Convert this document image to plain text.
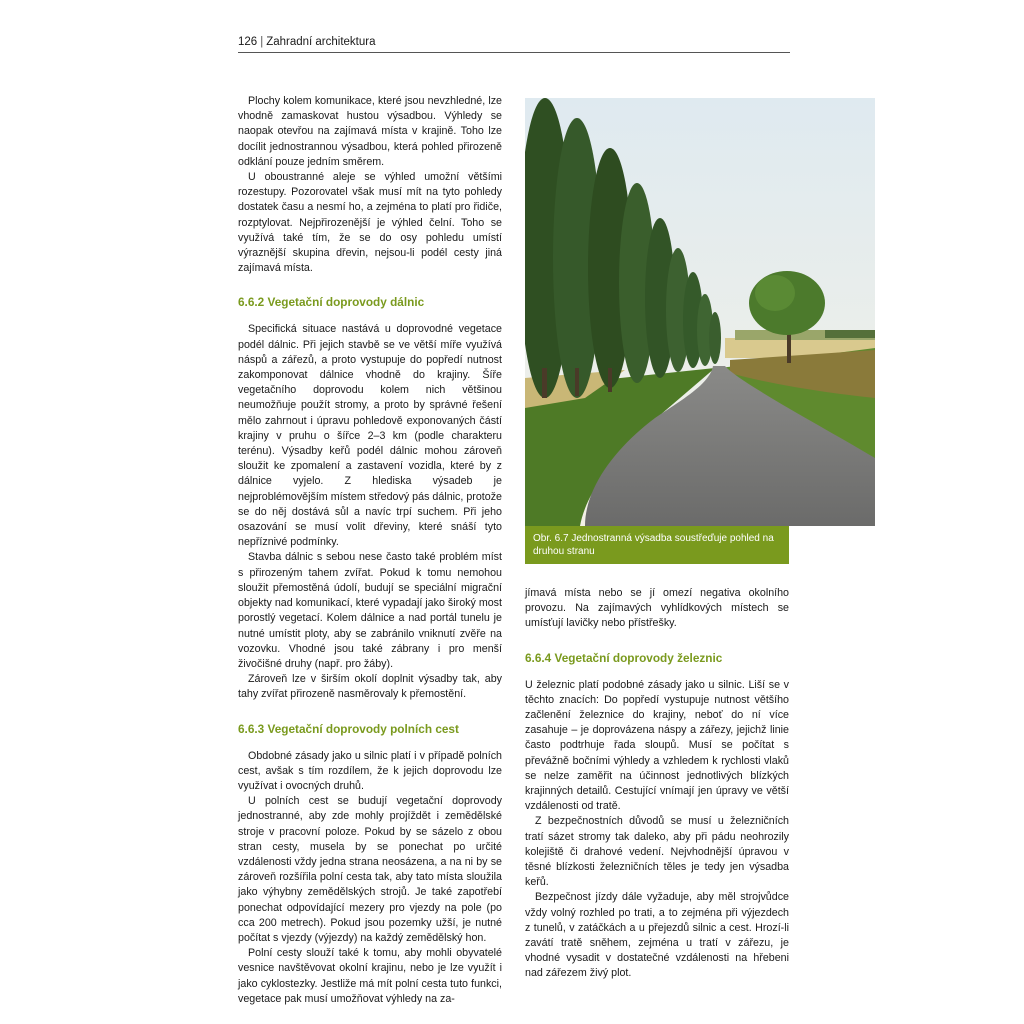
126 | Zahradní architektura

Plochy kolem komunikace, které jsou nevzhledné, lze vhodně zamaskovat hustou výsadbou. Výhledy se naopak otevřou na zajímavá místa v krajině. Toho lze docílit jednostrannou výsadbou, která pohled přirozeně odklání pouze jedním směrem.

U oboustranné aleje se výhled umožní většími rozestupy. Pozorovatel však musí mít na tyto pohledy dostatek času a nesmí ho, a zejména to platí pro řidiče, rozptylovat. Nejpřirozenější je výhled čelní. Toho se využívá také tím, že se do osy pohledu umístí výraznější skupina dřevin, nejsou-li podél cesty jiná zajímavá místa.

6.6.2 Vegetační doprovody dálnic

Specifická situace nastává u doprovodné vegetace podél dálnic. Při jejich stavbě se ve větší míře využívá náspů a zářezů, a proto vystupuje do popředí nutnost zakomponovat dálnice vhodně do krajiny. Šíře vegetačního doprovodu kolem nich většinou neumožňuje použít stromy, a proto by správné řešení mělo zahrnout i úpravu pohledově exponovaných částí krajiny v pruhu o šířce 2–3 km (podle charakteru terénu). Výsadby keřů podél dálnic mohou zároveň sloužit ke zpomalení a zastavení vozidla, které by z dálnice vyjelo. Z hlediska výsadeb je nejproblémovějším místem středový pás dálnic, protože se do něj dostává sůl a navíc trpí suchem. Při jeho osazování se musí volit dřeviny, které snáší tyto nepříznivé podmínky.

Stavba dálnic s sebou nese často také problém míst s přirozeným tahem zvířat. Pokud k tomu nemohou sloužit přemostěná údolí, budují se speciální migrační objekty nad komunikací, které vypadají jako široký most porostlý vegetací. Kolem dálnice a nad portál tunelu je nutné umístit ploty, aby se zabránilo vniknutí zvěře na vozovku. Vhodné jsou také zábrany i pro menší živočišné druhy (např. pro žáby).

Zároveň lze v širším okolí doplnit výsadby tak, aby tahy zvířat přirozeně nasměrovaly k přemostění.

6.6.3 Vegetační doprovody polních cest

Obdobné zásady jako u silnic platí i v případě polních cest, avšak s tím rozdílem, že k jejich doprovodu lze využívat i ovocných druhů.

U polních cest se budují vegetační doprovody jednostranné, aby zde mohly projíždět i zemědělské stroje v pracovní poloze. Pokud by se sázelo z obou stran cesty, musela by se ponechat po určité vzdálenosti vždy jedna strana neosázena, a na ni by se zároveň rozšířila polní cesta tak, aby tato místa sloužila jako výhybny zemědělských strojů. Je také zapotřebí ponechat odpovídající mezery pro vjezdy na pole (po cca 200 metrech). Pokud jsou pozemky užší, je nutné počítat s vjezdy (výjezdy) na každý zemědělský hon.

Polní cesty slouží také k tomu, aby mohli obyvatelé vesnice navštěvovat okolní krajinu, nebo je lze využít i jako cyklostezky. Jestliže má mít polní cesta tuto funkci, vegetace pak musí umožňovat výhledy na za-

Obr. 6.7 Jednostranná výsadba soustřeďuje pohled na druhou stranu

jímavá místa nebo se jí omezí negativa okolního provozu. Na zajímavých vyhlídkových místech se umísťují lavičky nebo přístřešky.

6.6.4 Vegetační doprovody železnic

U železnic platí podobné zásady jako u silnic. Liší se v těchto znacích: Do popředí vystupuje nutnost většího začlenění železnice do krajiny, neboť do ní více zasahuje – je doprovázena náspy a zářezy, jejichž linie často podtrhuje řada sloupů. Musí se počítat s převážně bočními výhledy a vzhledem k rychlosti vlaků se nelze zaměřit na účinnost jednotlivých blízkých krajinných detailů. Cestující vnímají jen úpravy ve větší vzdálenosti od tratě.

Z bezpečnostních důvodů se musí u železničních tratí sázet stromy tak daleko, aby při pádu neohrozily kolejiště či drahové vedení. Nejvhodnější úpravou v těsné blízkosti železničních těles je tedy jen výsadba keřů.

Bezpečnost jízdy dále vyžaduje, aby měl strojvůdce vždy volný rozhled po trati, a to zejména při výjezdech z tunelů, v zatáčkách a u přejezdů silnic a cest. Hrozí-li zavátí tratě sněhem, zejména u tratí v zářezu, je vhodné vysadit v dostatečné vzdálenosti na hřebeni nad zářezem živý plot.
